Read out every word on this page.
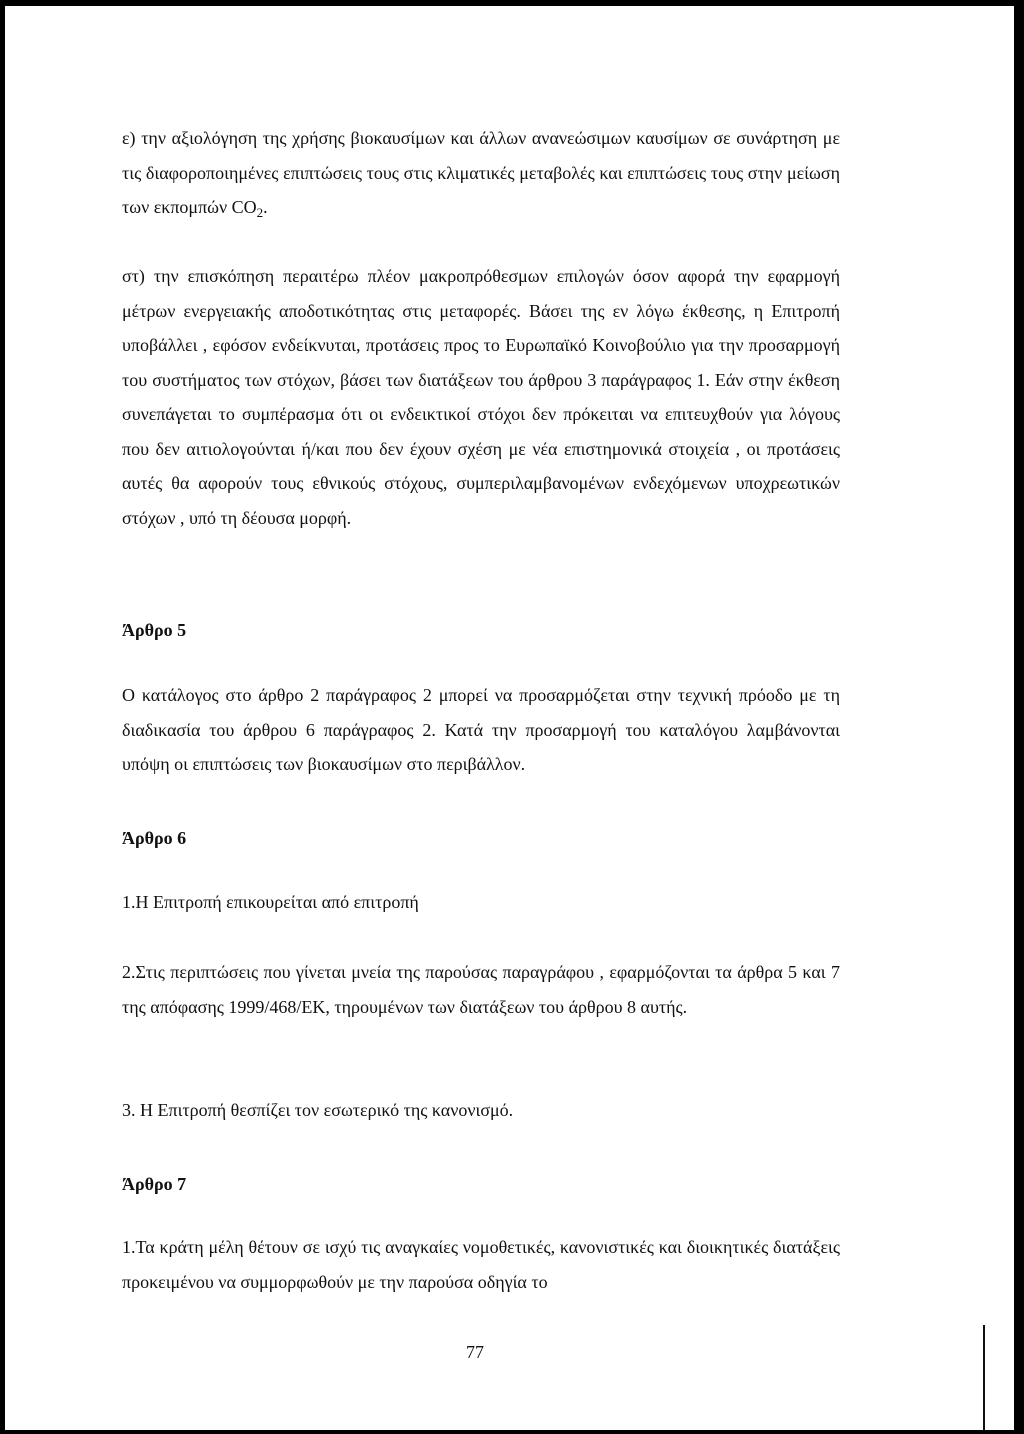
ε) την αξιολόγηση της χρήσης βιοκαυσίμων και άλλων ανανεώσιμων καυσίμων σε συνάρτηση με τις διαφοροποιημένες επιπτώσεις τους στις κλιματικές μεταβολές και επιπτώσεις τους στην μείωση των εκπομπών $CO_2$.

στ) την επισκόπηση περαιτέρω πλέον μακροπρόθεσμων επιλογών όσον αφορά την εφαρμογή μέτρων ενεργειακής αποδοτικότητας στις μεταφορές. Βάσει της εν λόγω έκθεσης, η Επιτροπή υποβάλλει , εφόσον ενδείκνυται, προτάσεις προς το Ευρωπαϊκό Κοινοβούλιο για την προσαρμογή του συστήματος των στόχων, βάσει των διατάξεων του άρθρου 3 παράγραφος 1. Εάν στην έκθεση συνεπάγεται το συμπέρασμα ότι οι ενδεικτικοί στόχοι δεν πρόκειται να επιτευχθούν για λόγους που δεν αιτιολογούνται ή/και που δεν έχουν σχέση με νέα επιστημονικά στοιχεία , οι προτάσεις αυτές θα αφορούν τους εθνικούς στόχους, συμπεριλαμβανομένων ενδεχόμενων υποχρεωτικών στόχων , υπό τη δέουσα μορφή.

Άρθρο 5

Ο κατάλογος στο άρθρο 2 παράγραφος 2 μπορεί να προσαρμόζεται στην τεχνική πρόοδο με τη διαδικασία του άρθρου 6 παράγραφος 2. Κατά την προσαρμογή του καταλόγου λαμβάνονται υπόψη οι επιπτώσεις των βιοκαυσίμων στο περιβάλλον.

Άρθρο 6

1.Η Επιτροπή επικουρείται από επιτροπή

2.Στις περιπτώσεις που γίνεται μνεία της παρούσας παραγράφου , εφαρμόζονται τα άρθρα 5 και 7 της απόφασης 1999/468/ΕΚ, τηρουμένων των διατάξεων του άρθρου 8 αυτής.

3. Η Επιτροπή θεσπίζει τον εσωτερικό της κανονισμό.

Άρθρο 7

1.Τα κράτη μέλη θέτουν σε ισχύ τις αναγκαίες νομοθετικές, κανονιστικές και διοικητικές διατάξεις προκειμένου να συμμορφωθούν με την παρούσα οδηγία το

77
